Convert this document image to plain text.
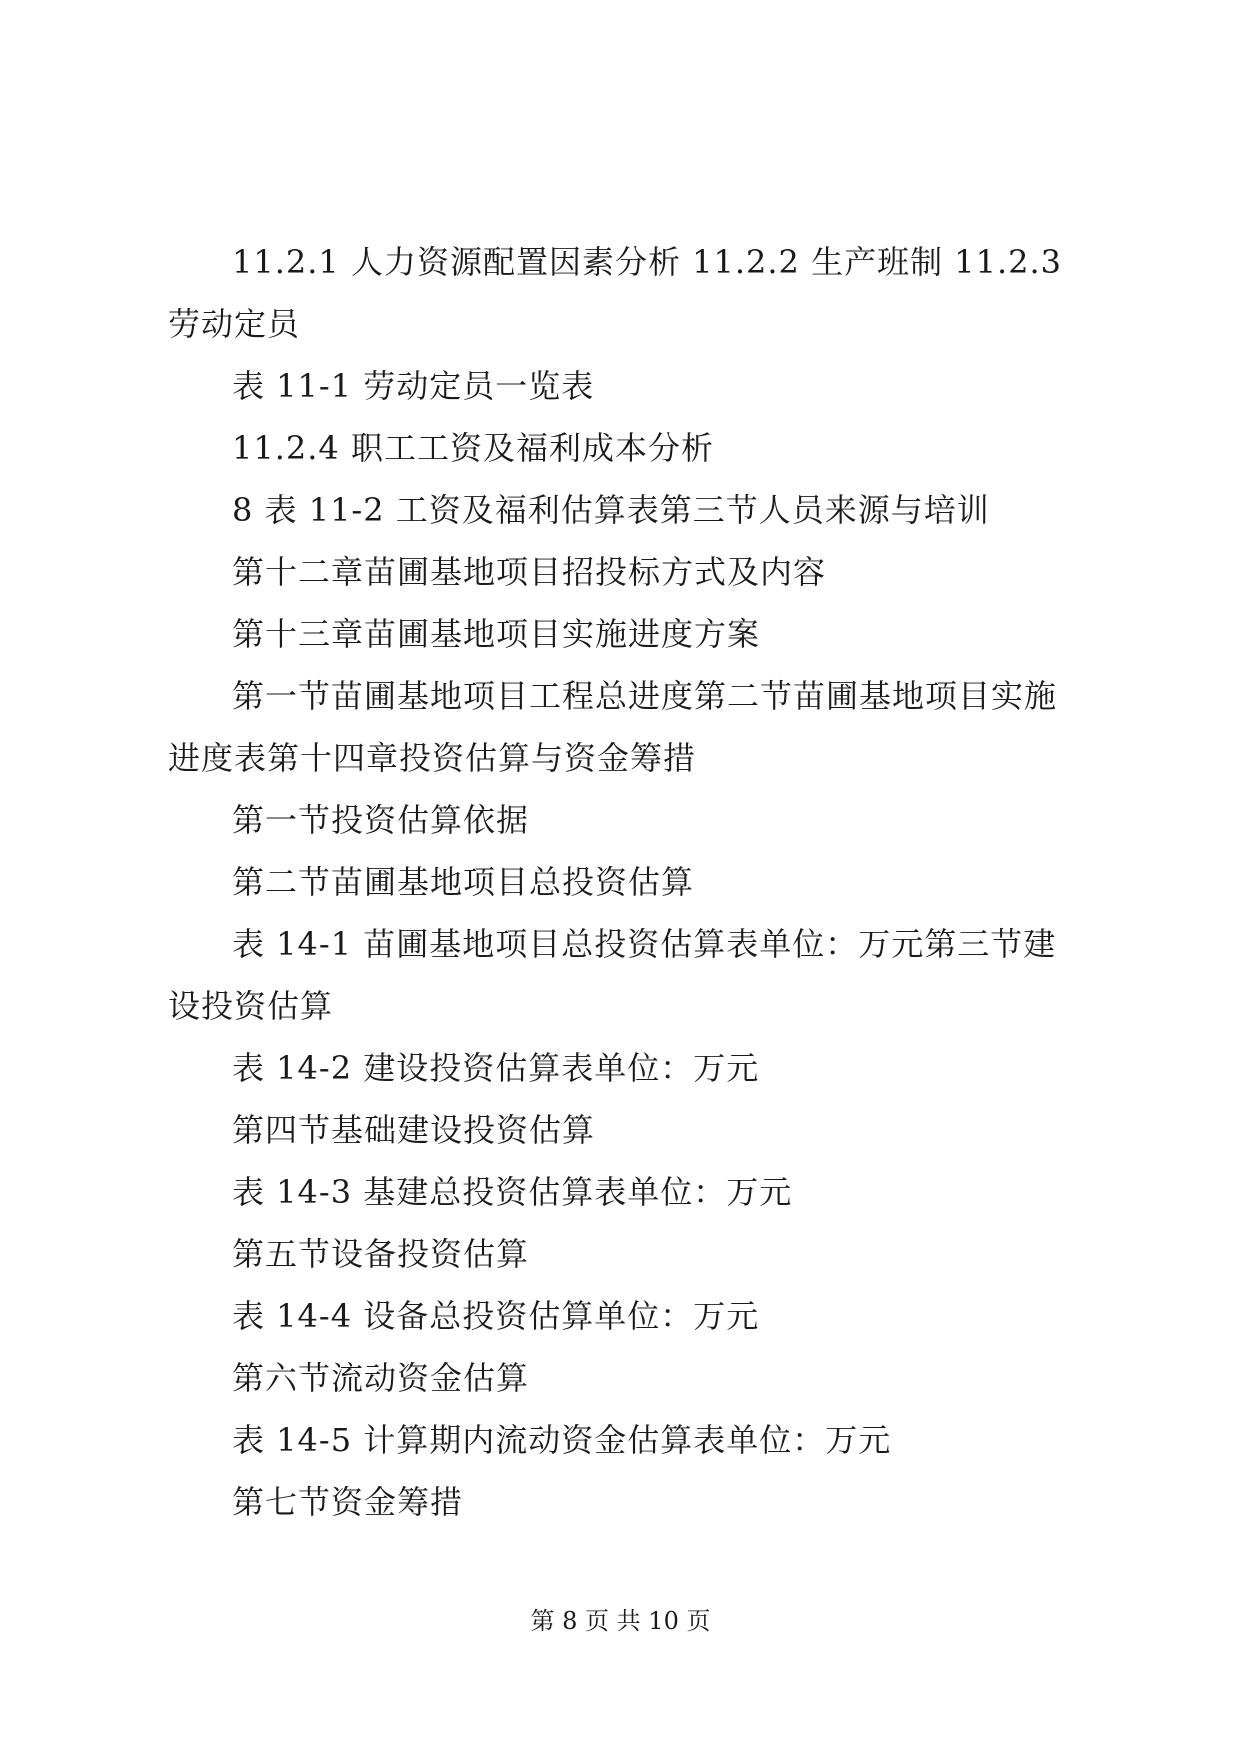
11.2.1 人力资源配置因素分析 11.2.2 生产班制 11.2.3 劳动定员

表 11-1 劳动定员一览表

11.2.4 职工工资及福利成本分析

8 表 11-2 工资及福利估算表第三节人员来源与培训

第十二章苗圃基地项目招投标方式及内容

第十三章苗圃基地项目实施进度方案

第一节苗圃基地项目工程总进度第二节苗圃基地项目实施进度表第十四章投资估算与资金筹措

第一节投资估算依据

第二节苗圃基地项目总投资估算

表 14-1 苗圃基地项目总投资估算表单位：万元第三节建设投资估算

表 14-2 建设投资估算表单位：万元

第四节基础建设投资估算

表 14-3 基建总投资估算表单位：万元

第五节设备投资估算

表 14-4 设备总投资估算单位：万元

第六节流动资金估算

表 14-5 计算期内流动资金估算表单位：万元

第七节资金筹措

第 8 页 共 10 页
